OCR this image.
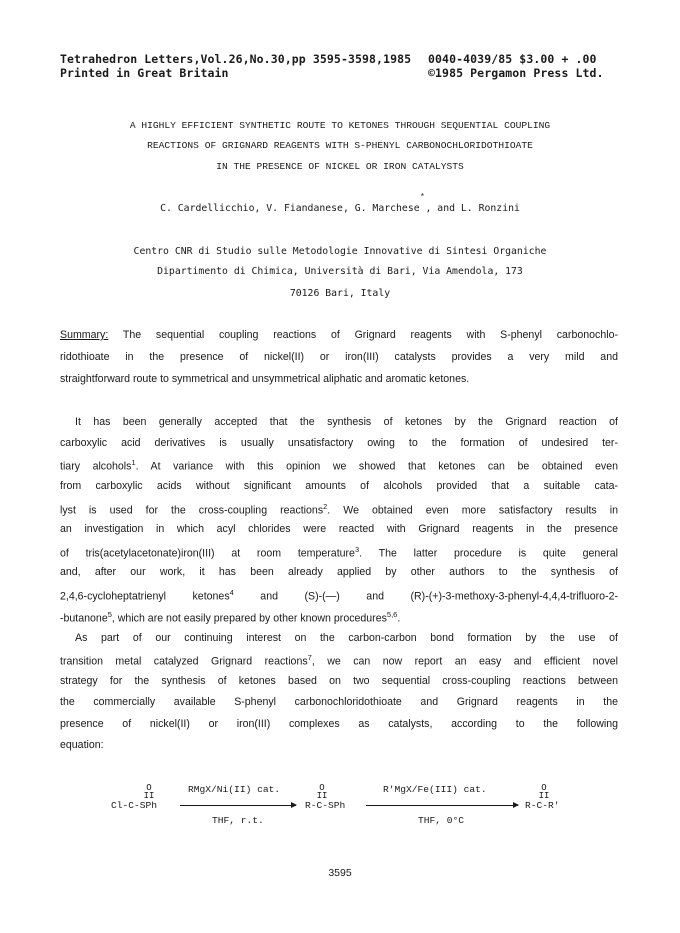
Tetrahedron Letters,Vol.26,No.30,pp 3595-3598,1985 0040-4039/85 $3.00 + .00
Printed in Great Britain	©1985 Pergamon Press Ltd.
A HIGHLY EFFICIENT SYNTHETIC ROUTE TO KETONES THROUGH SEQUENTIAL COUPLING
REACTIONS OF GRIGNARD REAGENTS WITH S-PHENYL CARBONOCHLORIDOTHIOATE
IN THE PRESENCE OF NICKEL OR IRON CATALYSTS
C. Cardellicchio, V. Fiandanese, G. Marchese , and L. Ronzini
*
Centro CNR di Studio sulle Metodologie Innovative di Sintesi Organiche
Dipartimento di Chimica, Università di Bari, Via Amendola, 173
70126 Bari, Italy
Summary: The sequential coupling reactions of Grignard reagents with S-phenyl carbonochlo-
ridothioate in the presence of nickel(II) or iron(III) catalysts provides a very mild and
straightforward route to symmetrical and unsymmetrical aliphatic and aromatic ketones.
It has been generally accepted that the synthesis of ketones by the Grignard reaction of
carboxylic acid derivatives is usually unsatisfactory owing to the formation of undesired ter-
tiary alcohols$^1$. At variance with this opinion we showed that ketones can be obtained even
from carboxylic acids without significant amounts of alcohols provided that a suitable cata-
lyst is used for the cross-coupling reactions$^2$. We obtained even more satisfactory results in
an investigation in which acyl chlorides were reacted with Grignard reagents in the presence
of tris(acetylacetonate)iron(III) at room temperature$^3$. The latter procedure is quite general
and, after our work, it has been already applied by other authors to the synthesis of
2,4,6-cycloheptatrienyl ketones$^4$ and (S)-(—) and (R)-(+)-3-methoxy-3-phenyl-4,4,4-trifluoro-2-
-butanone$^5$, which are not easily prepared by other known procedures$^{5,6}$.
As part of our continuing interest on the carbon-carbon bond formation by the use of
transition metal catalyzed Grignard reactions$^7$, we can now report an easy and efficient novel
strategy for the synthesis of ketones based on two sequential cross-coupling reactions between
the commercially available S-phenyl carbonochloridothioate and Grignard reagents in the
presence of nickel(II) or iron(III) complexes as catalysts, according to the following
equation:
O
II
Cl-C-SPh
RMgX/Ni(II) cat.
THF, r.t.
O
II
R-C-SPh
R'MgX/Fe(III) cat.
THF, 0°C
O
II
R-C-R'
3595
